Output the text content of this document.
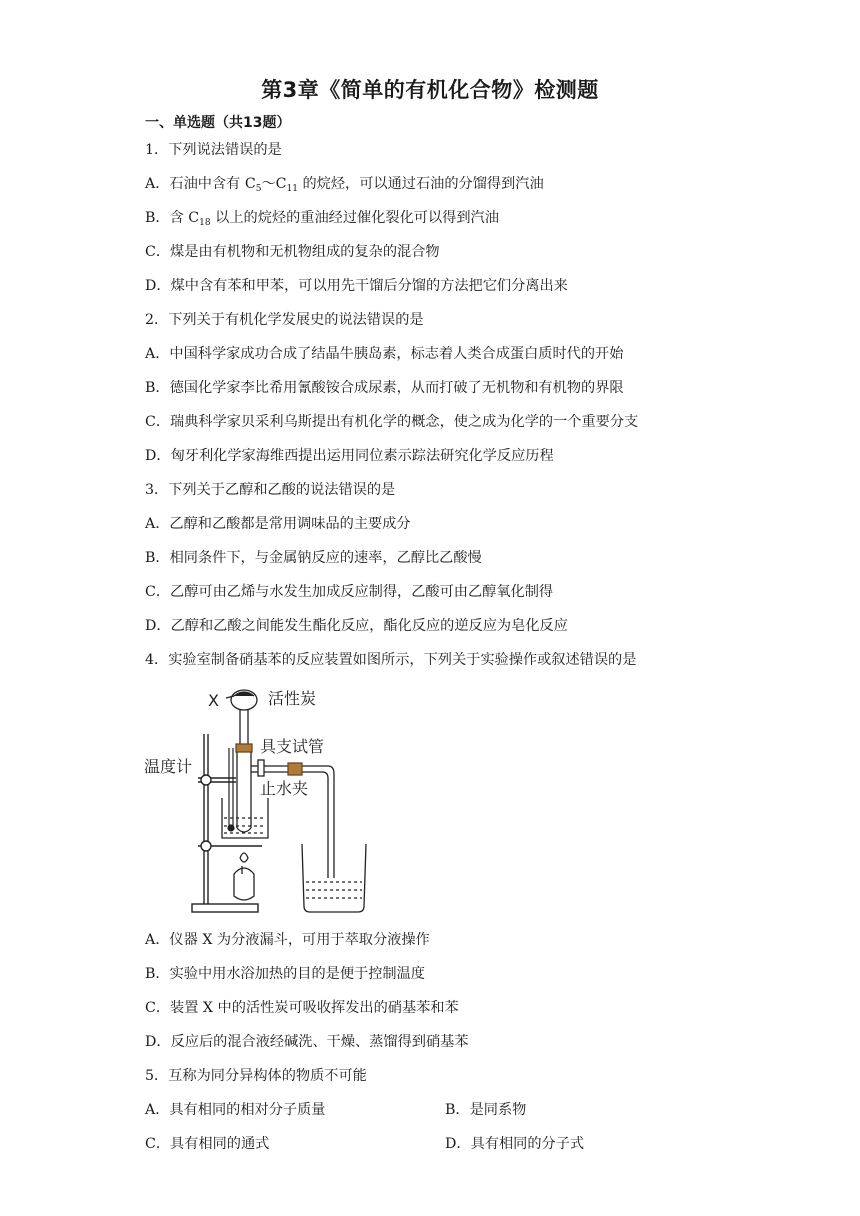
第3章《简单的有机化合物》检测题
一、单选题（共13题）
1．下列说法错误的是
A．石油中含有 $C_5\sim C_{11}$ 的烷烃，可以通过石油的分馏得到汽油
B．含 $C_{18}$ 以上的烷烃的重油经过催化裂化可以得到汽油
C．煤是由有机物和无机物组成的复杂的混合物
D．煤中含有苯和甲苯，可以用先干馏后分馏的方法把它们分离出来
2．下列关于有机化学发展史的说法错误的是
A．中国科学家成功合成了结晶牛胰岛素，标志着人类合成蛋白质时代的开始
B．德国化学家李比希用氰酸铵合成尿素，从而打破了无机物和有机物的界限
C．瑞典科学家贝采利乌斯提出有机化学的概念，使之成为化学的一个重要分支
D．匈牙利化学家海维西提出运用同位素示踪法研究化学反应历程
3．下列关于乙醇和乙酸的说法错误的是
A．乙醇和乙酸都是常用调味品的主要成分
B．相同条件下，与金属钠反应的速率，乙醇比乙酸慢
C．乙醇可由乙烯与水发生加成反应制得，乙酸可由乙醇氧化制得
D．乙醇和乙酸之间能发生酯化反应，酯化反应的逆反应为皂化反应
4．实验室制备硝基苯的反应装置如图所示，下列关于实验操作或叙述错误的是
X	活性炭
具支试管
温度计
止水夹
A．仪器 X 为分液漏斗，可用于萃取分液操作
B．实验中用水浴加热的目的是便于控制温度
C．装置 X 中的活性炭可吸收挥发出的硝基苯和苯
D．反应后的混合液经碱洗、干燥、蒸馏得到硝基苯
5．互称为同分异构体的物质不可能
A．具有相同的相对分子质量	B．是同系物
C．具有相同的通式	D．具有相同的分子式
